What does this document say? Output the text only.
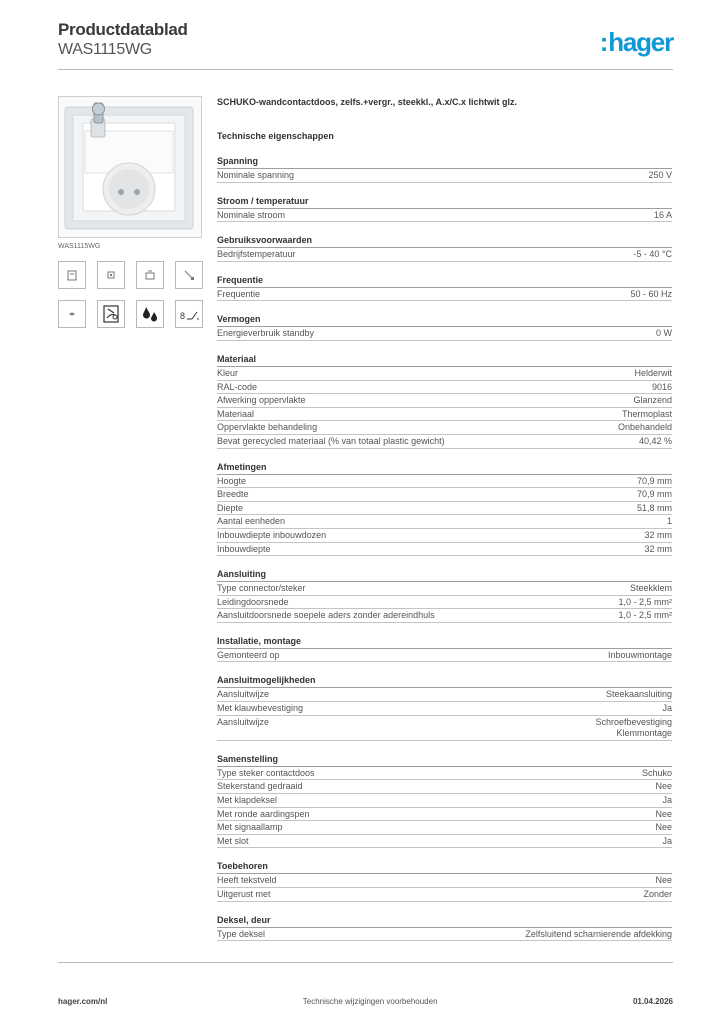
Productdatablad
WAS1115WG	:hager
WAS1115WG
8
SCHUKO-wandcontactdoos, zelfs.+vergr., steekkl., A.x/C.x lichtwit glz.
Technische eigenschappen
Spanning
Nominale spanning	250 V
Stroom / temperatuur
Nominale stroom	16 A
Gebruiksvoorwaarden
Bedrijfstemperatuur	-5 - 40 °C
Frequentie
Frequentie	50 - 60 Hz
Vermogen
Energieverbruik standby	0 W
Materiaal
Kleur	Helderwit
RAL-code	9016
Afwerking oppervlakte	Glanzend
Materiaal	Thermoplast
Oppervlakte behandeling	Onbehandeld
Bevat gerecycled materiaal (% van totaal plastic gewicht)	40,42 %
Afmetingen
Hoogte	70,9 mm
Breedte	70,9 mm
Diepte	51,8 mm
Aantal eenheden	1
Inbouwdiepte inbouwdozen	32 mm
Inbouwdiepte	32 mm
Aansluiting
Type connector/steker	Steekklem
Leidingdoorsnede	1,0 - 2,5 mm²
Aansluitdoorsnede soepele aders zonder adereindhuls	1,0 - 2,5 mm²
Installatie, montage
Gemonteerd op	Inbouwmontage
Aansluitmogelijkheden
Aansluitwijze	Steekaansluiting
Met klauwbevestiging	Ja
Aansluitwijze	Schroefbevestiging
Klemmontage
Samenstelling
Type steker contactdoos	Schuko
Stekerstand gedraaid	Nee
Met klapdeksel	Ja
Met ronde aardingspen	Nee
Met signaallamp	Nee
Met slot	Ja
Toebehoren
Heeft tekstveld	Nee
Uitgerust met	Zonder
Deksel, deur
Type deksel	Zelfsluitend scharnierende afdekking
hager.com/nl	Technische wijzigingen voorbehouden	01.04.2026
